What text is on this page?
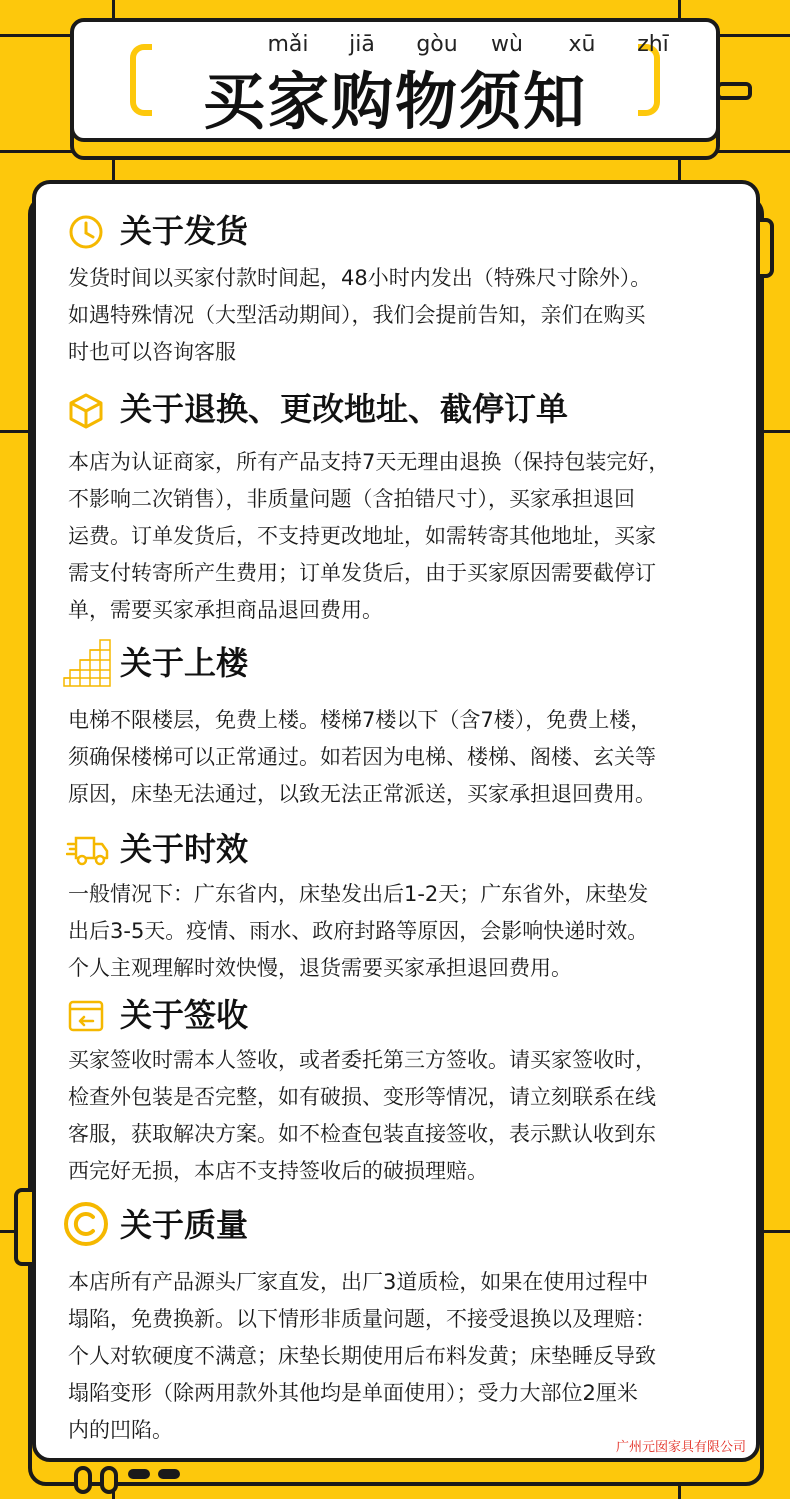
mǎi jiā gòu wù xū zhī
买家购物须知
关于发货
发货时间以买家付款时间起，48小时内发出（特殊尺寸除外）。
如遇特殊情况（大型活动期间），我们会提前告知，亲们在购买
时也可以咨询客服
关于退换、更改地址、截停订单
本店为认证商家，所有产品支持7天无理由退换（保持包装完好，
不影响二次销售），非质量问题（含拍错尺寸），买家承担退回
运费。订单发货后，不支持更改地址，如需转寄其他地址，买家
需支付转寄所产生费用；订单发货后，由于买家原因需要截停订
单，需要买家承担商品退回费用。
关于上楼
电梯不限楼层，免费上楼。楼梯7楼以下（含7楼），免费上楼，
须确保楼梯可以正常通过。如若因为电梯、楼梯、阁楼、玄关等
原因，床垫无法通过，以致无法正常派送，买家承担退回费用。
关于时效
一般情况下：广东省内，床垫发出后1-2天；广东省外，床垫发
出后3-5天。疫情、雨水、政府封路等原因，会影响快递时效。
个人主观理解时效快慢，退货需要买家承担退回费用。
关于签收
买家签收时需本人签收，或者委托第三方签收。请买家签收时，
检查外包装是否完整，如有破损、变形等情况，请立刻联系在线
客服，获取解决方案。如不检查包装直接签收，表示默认收到东
西完好无损，本店不支持签收后的破损理赔。
关于质量
本店所有产品源头厂家直发，出厂3道质检，如果在使用过程中
塌陷，免费换新。以下情形非质量问题，不接受退换以及理赔：
个人对软硬度不满意；床垫长期使用后布料发黄；床垫睡反导致
塌陷变形（除两用款外其他均是单面使用）；受力大部位2厘米
内的凹陷。
广州元囡家具有限公司
